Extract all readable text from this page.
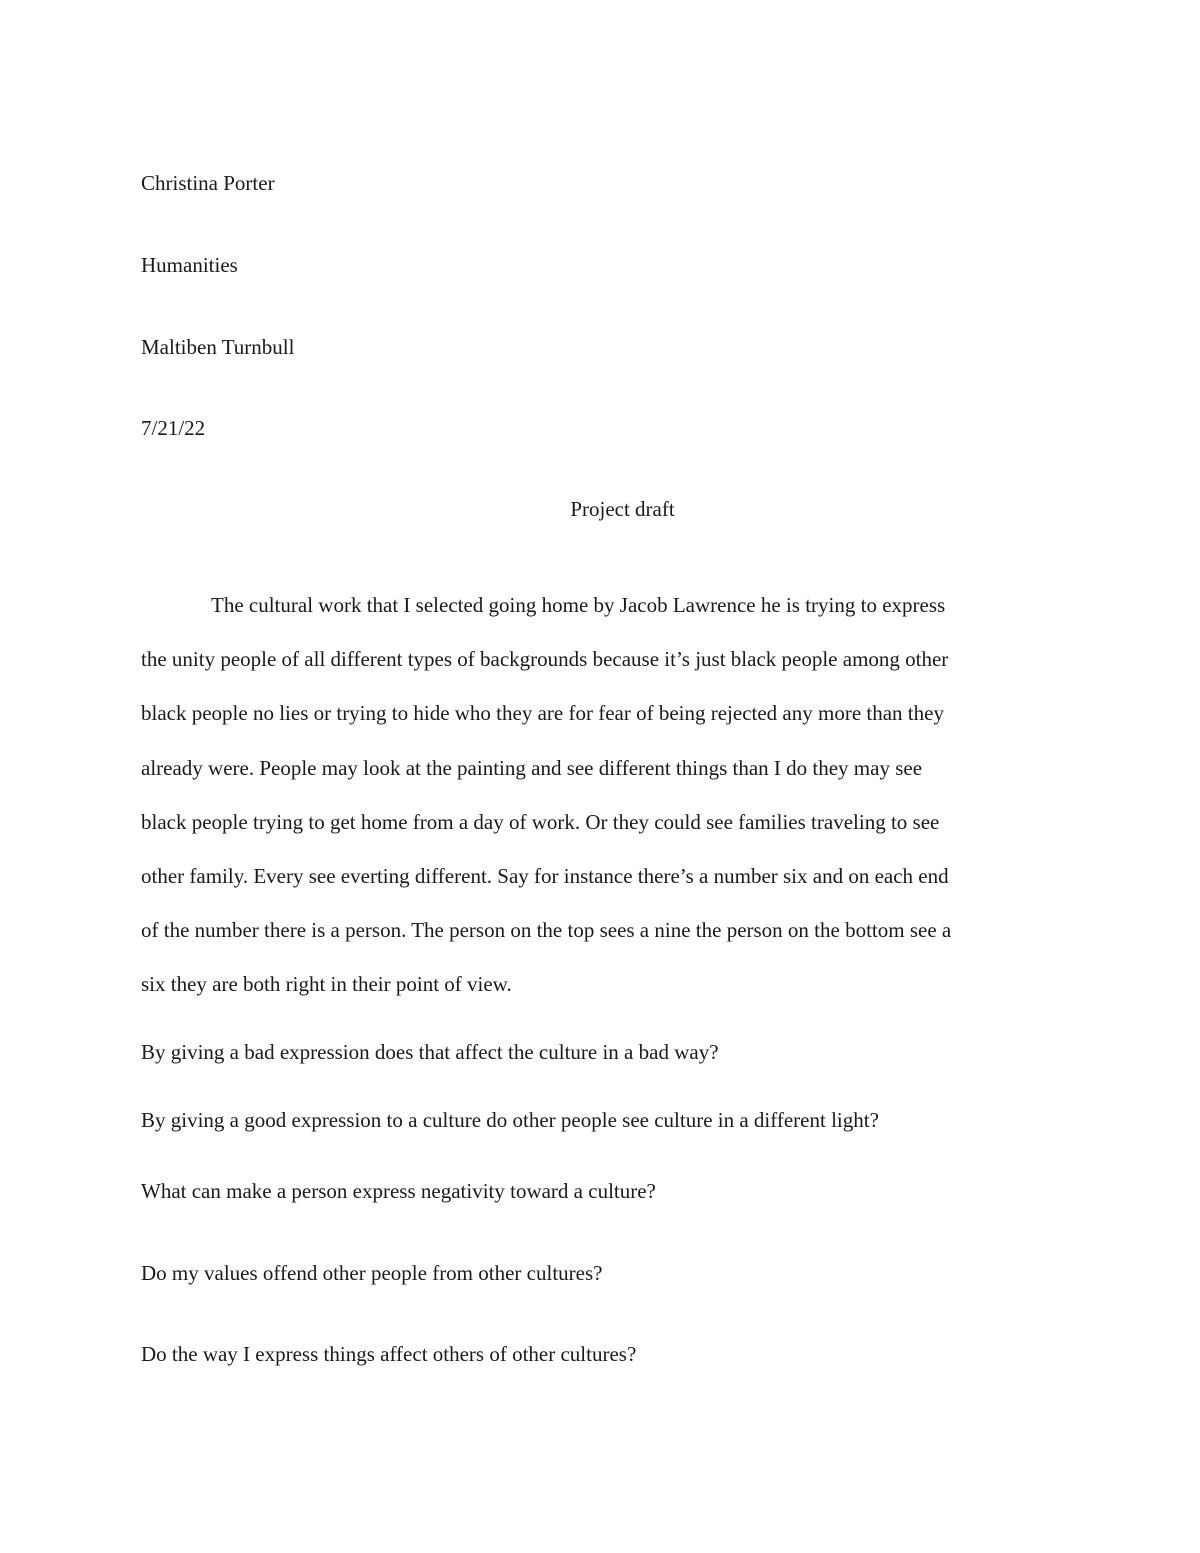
Christina Porter
Humanities
Maltiben Turnbull
7/21/22
Project draft

The cultural work that I selected going home by Jacob Lawrence he is trying to express
the unity people of all different types of backgrounds because it’s just black people among other
black people no lies or trying to hide who they are for fear of being rejected any more than they
already were. People may look at the painting and see different things than I do they may see
black people trying to get home from a day of work. Or they could see families traveling to see
other family. Every see everting different. Say for instance there’s a number six and on each end
of the number there is a person. The person on the top sees a nine the person on the bottom see a
six they are both right in their point of view.

By giving a bad expression does that affect the culture in a bad way?
By giving a good expression to a culture do other people see culture in a different light?
What can make a person express negativity toward a culture?
Do my values offend other people from other cultures?
Do the way I express things affect others of other cultures?
